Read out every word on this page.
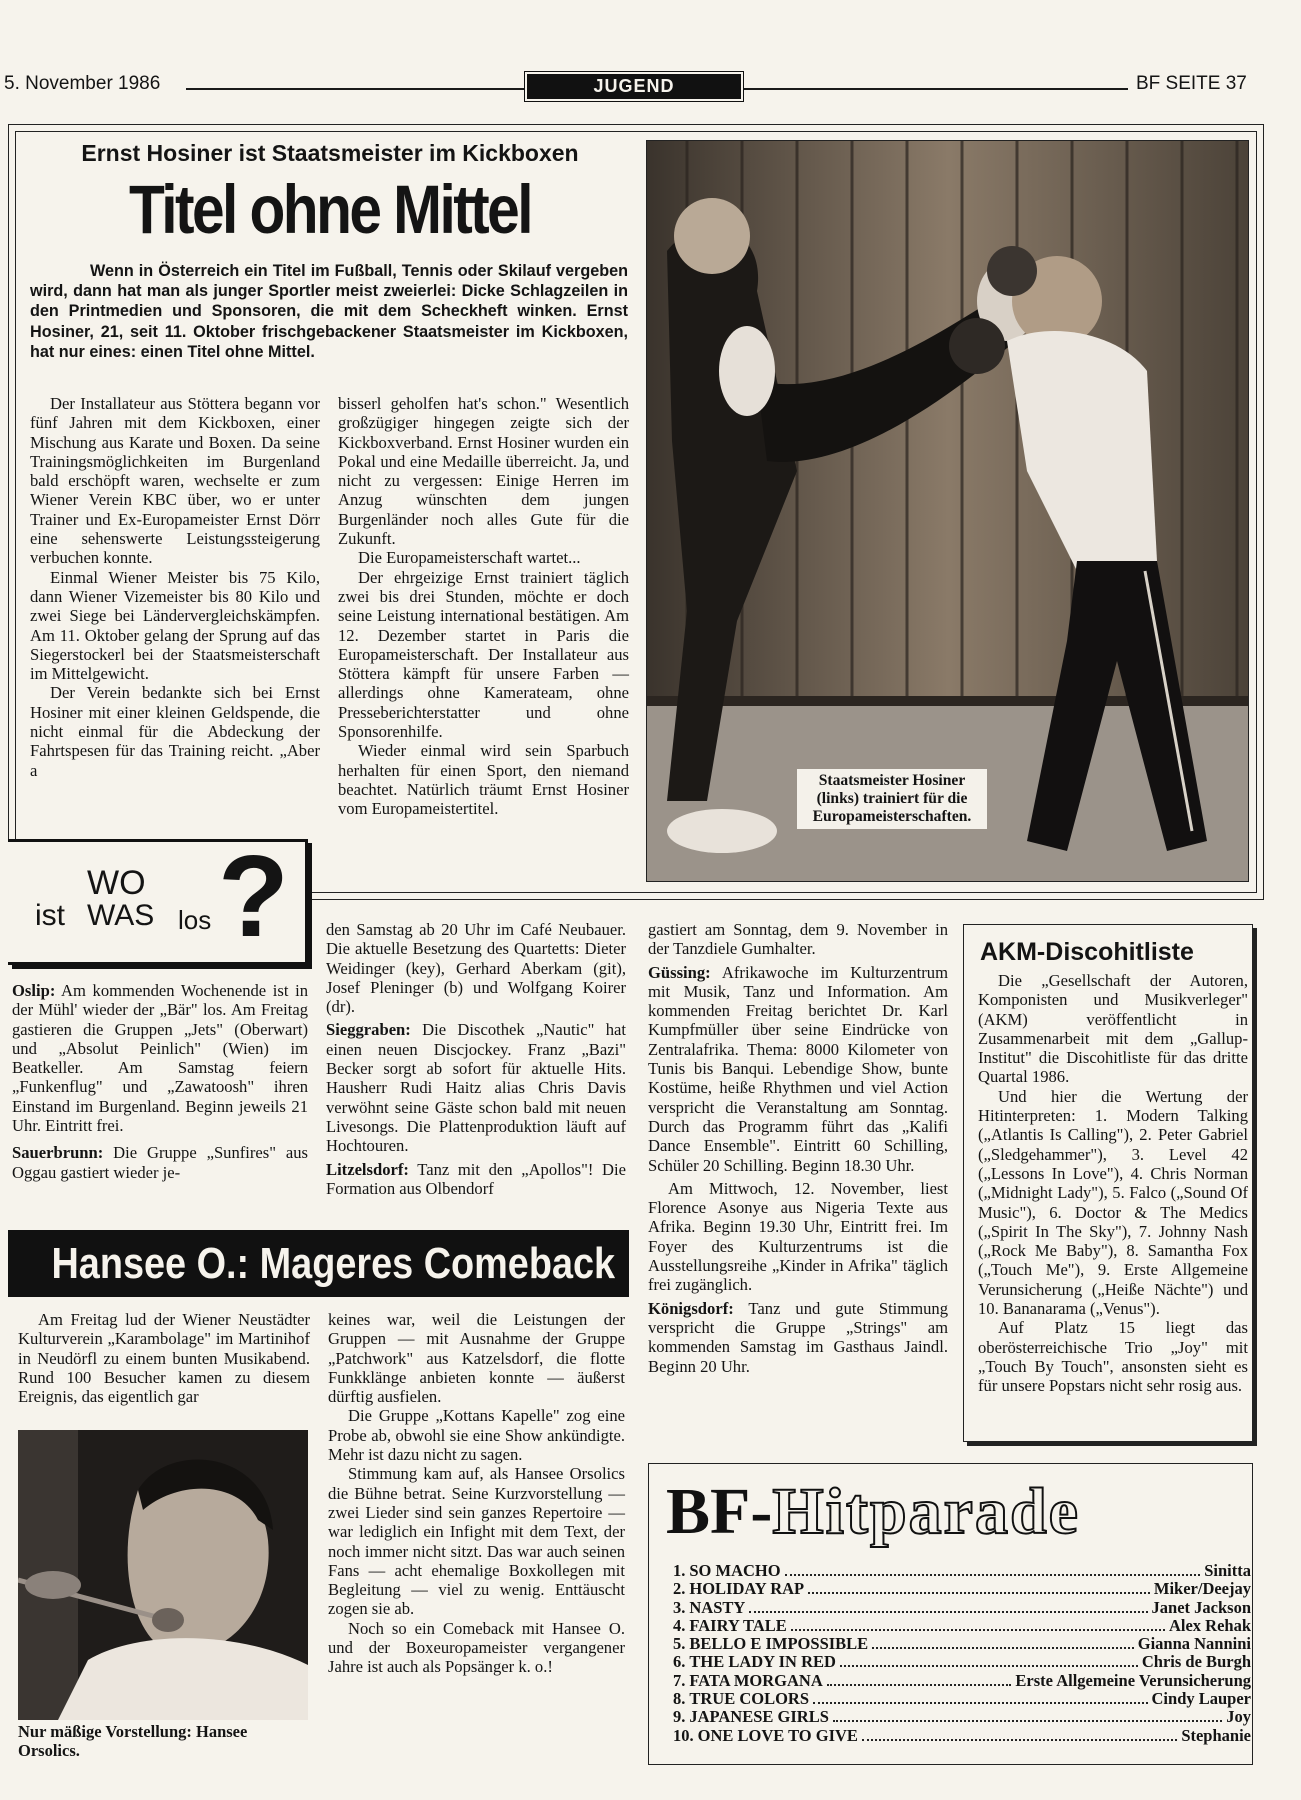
5. November 1986	JUGEND	BF SEITE 37
Ernst Hosiner ist Staatsmeister im Kickboxen
Titel ohne Mittel
Wenn in Österreich ein Titel im Fußball, Tennis oder Skilauf vergeben wird, dann hat man als junger Sportler meist zweierlei: Dicke Schlagzeilen in den Printmedien und Sponsoren, die mit dem Scheckheft winken. Ernst Hosiner, 21, seit 11. Oktober frischgebackener Staatsmeister im Kickboxen, hat nur eines: einen Titel ohne Mittel.

Der Installateur aus Stöttera begann vor fünf Jahren mit dem Kickboxen, einer Mischung aus Karate und Boxen. Da seine Trainingsmöglichkeiten im Burgenland bald erschöpft waren, wechselte er zum Wiener Verein KBC über, wo er unter Trainer und Ex-Europameister Ernst Dörr eine sehenswerte Leistungssteigerung verbuchen konnte.

Einmal Wiener Meister bis 75 Kilo, dann Wiener Vizemeister bis 80 Kilo und zwei Siege bei Ländervergleichskämpfen. Am 11. Oktober gelang der Sprung auf das Siegerstockerl bei der Staatsmeisterschaft im Mittelgewicht.

Der Verein bedankte sich bei Ernst Hosiner mit einer kleinen Geldspende, die nicht einmal für die Abdeckung der Fahrtspesen für das Training reicht. „Aber a

bisserl geholfen hat's schon." Wesentlich großzügiger hingegen zeigte sich der Kickboxverband. Ernst Hosiner wurden ein Pokal und eine Medaille überreicht. Ja, und nicht zu vergessen: Einige Herren im Anzug wünschten dem jungen Burgenländer noch alles Gute für die Zukunft.

Die Europameisterschaft wartet...

Der ehrgeizige Ernst trainiert täglich zwei bis drei Stunden, möchte er doch seine Leistung international bestätigen. Am 12. Dezember startet in Paris die Europameisterschaft. Der Installateur aus Stöttera kämpft für unsere Farben — allerdings ohne Kamerateam, ohne Presseberichterstatter und ohne Sponsorenhilfe.

Wieder einmal wird sein Sparbuch herhalten für einen Sport, den niemand beachtet. Natürlich träumt Ernst Hosiner vom Europameistertitel.

Staatsmeister Hosiner (links) trainiert für die Europameisterschaften.
WO
ist WAS los ?

Oslip: Am kommenden Wochenende ist in der Mühl' wieder der „Bär" los. Am Freitag gastieren die Gruppen „Jets" (Oberwart) und „Absolut Peinlich" (Wien) im Beatkeller. Am Samstag feiern „Funkenflug" und „Zawatoosh" ihren Einstand im Burgenland. Beginn jeweils 21 Uhr. Eintritt frei.

Sauerbrunn: Die Gruppe „Sunfires" aus Oggau gastiert wieder je-

den Samstag ab 20 Uhr im Café Neubauer. Die aktuelle Besetzung des Quartetts: Dieter Weidinger (key), Gerhard Aberkam (git), Josef Pleninger (b) und Wolfgang Koirer (dr).

Sieggraben: Die Discothek „Nautic" hat einen neuen Discjockey. Franz „Bazi" Becker sorgt ab sofort für aktuelle Hits. Hausherr Rudi Haitz alias Chris Davis verwöhnt seine Gäste schon bald mit neuen Livesongs. Die Plattenproduktion läuft auf Hochtouren.

Litzelsdorf: Tanz mit den „Apollos"! Die Formation aus Olbendorf

gastiert am Sonntag, dem 9. November in der Tanzdiele Gumhalter.

Güssing: Afrikawoche im Kulturzentrum mit Musik, Tanz und Information. Am kommenden Freitag berichtet Dr. Karl Kumpfmüller über seine Eindrücke von Zentralafrika. Thema: 8000 Kilometer von Tunis bis Banqui. Lebendige Show, bunte Kostüme, heiße Rhythmen und viel Action verspricht die Veranstaltung am Sonntag. Durch das Programm führt das „Kalifi Dance Ensemble". Eintritt 60 Schilling, Schüler 20 Schilling. Beginn 18.30 Uhr.

Am Mittwoch, 12. November, liest Florence Asonye aus Nigeria Texte aus Afrika. Beginn 19.30 Uhr, Eintritt frei. Im Foyer des Kulturzentrums ist die Ausstellungsreihe „Kinder in Afrika" täglich frei zugänglich.

Königsdorf: Tanz und gute Stimmung verspricht die Gruppe „Strings" am kommenden Samstag im Gasthaus Jaindl. Beginn 20 Uhr.

AKM-Discohitliste

Die „Gesellschaft der Autoren, Komponisten und Musikverleger" (AKM) veröffentlicht in Zusammenarbeit mit dem „Gallup-Institut" die Discohitliste für das dritte Quartal 1986.

Und hier die Wertung der Hitinterpreten: 1. Modern Talking („Atlantis Is Calling"), 2. Peter Gabriel („Sledgehammer"), 3. Level 42 („Lessons In Love"), 4. Chris Norman („Midnight Lady"), 5. Falco („Sound Of Music"), 6. Doctor & The Medics („Spirit In The Sky"), 7. Johnny Nash („Rock Me Baby"), 8. Samantha Fox („Touch Me"), 9. Erste Allgemeine Verunsicherung („Heiße Nächte") und 10. Bananarama („Venus").

Auf Platz 15 liegt das oberösterreichische Trio „Joy" mit „Touch By Touch", ansonsten sieht es für unsere Popstars nicht sehr rosig aus.

Hansee O.: Mageres Comeback

Am Freitag lud der Wiener Neustädter Kulturverein „Karambolage" im Martinihof in Neudörfl zu einem bunten Musikabend. Rund 100 Besucher kamen zu diesem Ereignis, das eigentlich gar

Nur mäßige Vorstellung: Hansee Orsolics.

keines war, weil die Leistungen der Gruppen — mit Ausnahme der Gruppe „Patchwork" aus Katzelsdorf, die flotte Funkklänge anbieten konnte — äußerst dürftig ausfielen.

Die Gruppe „Kottans Kapelle" zog eine Probe ab, obwohl sie eine Show ankündigte. Mehr ist dazu nicht zu sagen.

Stimmung kam auf, als Hansee Orsolics die Bühne betrat. Seine Kurzvorstellung — zwei Lieder sind sein ganzes Repertoire — war lediglich ein Infight mit dem Text, der noch immer nicht sitzt. Das war auch seinen Fans — acht ehemalige Boxkollegen mit Begleitung — viel zu wenig. Enttäuscht zogen sie ab.

Noch so ein Comeback mit Hansee O. und der Boxeuropameister vergangener Jahre ist auch als Popsänger k. o.!

BF-Hitparade
1. SO MACHO	Sinitta
2. HOLIDAY RAP	Miker/Deejay
3. NASTY	Janet Jackson
4. FAIRY TALE	Alex Rehak
5. BELLO E IMPOSSIBLE	Gianna Nannini
6. THE LADY IN RED	Chris de Burgh
7. FATA MORGANA	Erste Allgemeine Verunsicherung
8. TRUE COLORS	Cindy Lauper
9. JAPANESE GIRLS	Joy
10. ONE LOVE TO GIVE	Stephanie
